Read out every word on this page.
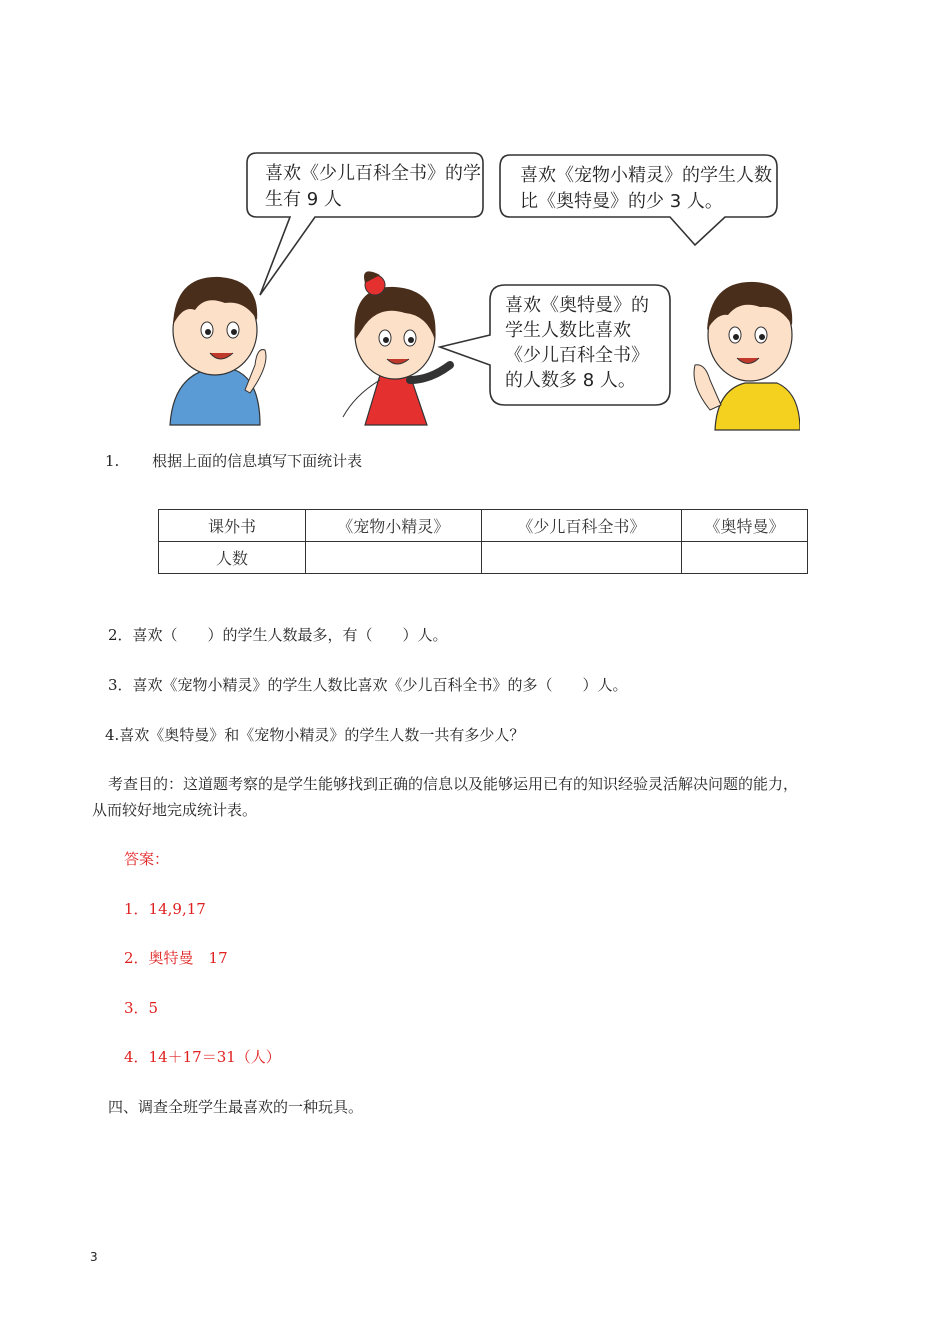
喜欢《少儿百科全书》的学
生有 9 人
喜欢《宠物小精灵》的学生人数
比《奥特曼》的少 3 人。
喜欢《奥特曼》的
学生人数比喜欢
《少儿百科全书》
的人数多 8 人。
1. 根据上面的信息填写下面统计表
课外书	《宠物小精灵》	《少儿百科全书》	《奥特曼》
人数			
2．喜欢（　　）的学生人数最多，有（　　）人。
3．喜欢《宠物小精灵》的学生人数比喜欢《少儿百科全书》的多（　　）人。
4.喜欢《奥特曼》和《宠物小精灵》的学生人数一共有多少人？
考查目的：这道题考察的是学生能够找到正确的信息以及能够运用已有的知识经验灵活解决问题的能力，
从而较好地完成统计表。
答案：
1．14,9,17
2．奥特曼　17
3．5
4．14＋17＝31（人）
四、调查全班学生最喜欢的一种玩具。
3
